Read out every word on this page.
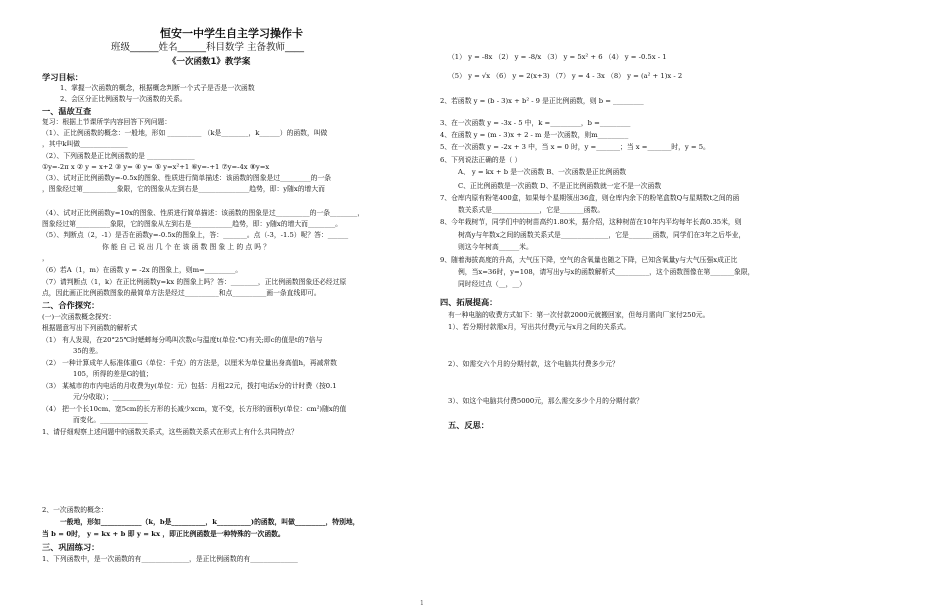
恒安一中学生自主学习操作卡
班级______姓名______科目数学 主备教师____
《一次函数1》教学案
学习目标：
1、掌握一次函数的概念，根据概念判断一个式子是否是一次函数
2、会区分正比例函数与一次函数的关系。
一、温故互查
复习：根据上节课所学内容回答下列问题：
（1）、正比例函数的概念：一般地，形如 __________ （k是________，k______）的函数，叫做
，其中k叫做______________
（2）、下列函数是正比例函数的是 ______________
①y=-2π x ② y = x+2 ③ y= ④ y= ⑤ y=x²+1 ⑥y=-+1 ⑦y=-4x ⑧y=x
（3）、试对正比例函数y=-0.5x的图象、性质进行简单描述：该函数的图象是过_________的一条
，图象经过第__________象限，它的图象从左到右是_______________趋势，即：y随x的增大而
（4）、试对正比例函数y=10x的图象、性质进行简单描述：该函数的图象是过__________的一条________，
图象经过第__________象限，它的图象从左到右是____________趋势，即：y随x的增大而________。
（5）、判断点（2，-1）是否在函数y=-0.5x的图象上，答：_______。点（-3，-1.5）呢？答：______
你 能 自 己 说 出 几 个 在 该 函 数 图 象 上 的 点 吗 ？
，
（6）若A（1，m）在函数 y = -2x 的图象上，则m=_________。
（7）请判断点（1，k）在正比例函数y=kx 的图象上吗？答：________，正比例函数图象还必经过原
点，因此画正比例函数图象的最简单方法是经过__________和点__________画一条直线即可。
二、合作探究：
(一)一次函数概念探究：
根据题意写出下列函数的解析式
（1） 有人发现，在20°25℃时蟋蟀每分鸣叫次数c与温度t(单位:℃)有关;即c的值是t的7倍与
35的差。
（2） 一种计算成年人标准体重G（单位：千克）的方法是，以厘米为单位量出身高值h，再减常数
105，所得的差是G的值；
（3） 某城市的市内电话的月收费为y(单位：元）包括：月租22元，拨打电话x分的计时费（按0.1
元/分收取）；___________
（4） 把一个长10cm、宽5cm的长方形的长减少xcm，宽不变，长方形的面积y(单位：cm²)随x的值
而变化。______________
1、请仔细观察上述问题中的函数关系式，这些函数关系式在形式上有什么共同特点？
2、一次函数的概念：
一般地，形如____________（k，b是__________，k__________)的函数，叫做_________，特别地，
当 b = 0时， y = kx + b 即 y = kx ，即正比例函数是一种特殊的一次函数。
三、巩固练习：
1、下列函数中，是一次函数的有______________，是正比例函数的有______________
（1） y = -8x （2） y = -8/x （3） y = 5x² + 6 （4） y = -0.5x - 1
（5） y = √x （6） y = 2(x+3) （7） y = 4 - 3x （8） y = (a² + 1)x - 2
2、若函数 y = (b - 3)x + b² - 9 是正比例函数，则 b = _________
3、在一次函数 y = -3x - 5 中，k =_________，b =_________
4、在函数 y = (m - 3)x + 2 - m 是一次函数，则m_________
5、在一次函数 y = -2x + 3 中，当 x = 0 时，y =_______；当 x =_______时，y = 5。
6、下列说法正确的是（ ）
A、 y = kx + b 是一次函数 B、一次函数是正比例函数
C、正比例函数是一次函数 D、不是正比例函数就一定不是一次函数
7、仓库内原有粉笔400盒，如果每个星期领出36盒，则仓库内余下的粉笔盒数Q与星期数t之间的函
数关系式是______________，它是_______函数。
8、今年栽树节，同学们中的树苗高约1.80米，据介绍，这种树苗在10年内平均每年长高0.35米，则
树高y与年数x之间的函数关系式是______________，它是_______函数，同学们在3年之后毕业，
则这今年树高______米。
9、随着海拔高度的升高，大气压下降，空气的含氧量也随之下降，已知含氧量y与大气压强x成正比
例，当x=36时，y=108，请写出y与x的函数解析式__________，这个函数图像在第_______象限，
同时经过点（__，__）
四、拓展提高：
有一种电脑的收费方式如下：第一次付款2000元就搬回家，但每月需向厂家付250元。
1）、若分期付款需x月，写出共付费y元与x月之间的关系式。
2）、如需交六个月的分期付款，这个电脑共付费多少元？
3）、如这个电脑共付费5000元，那么需交多少个月的分期付款？
五、反思：
1
